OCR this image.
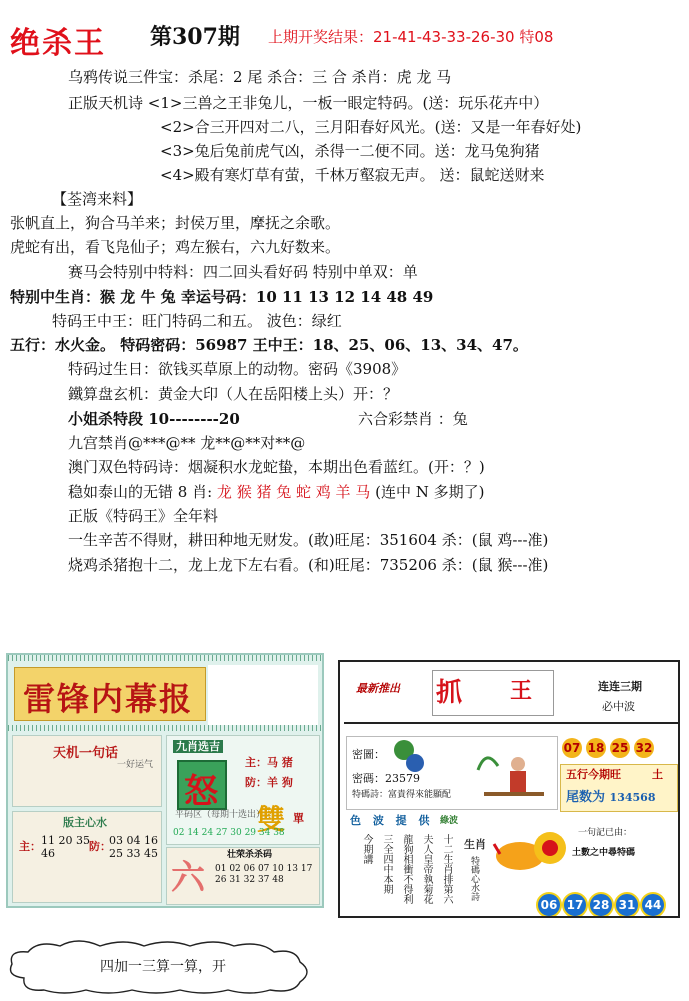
绝杀王 第307期 上期开奖结果：21-41-43-33-26-30 特08
乌鸦传说三件宝：杀尾：2 尾 杀合：三 合 杀肖：虎 龙 马
正版天机诗 <1>三兽之王非兔儿，一板一眼定特码。(送：玩乐花卉中）
<2>合三开四对二八，三月阳春好风光。(送：又是一年春好处)
<3>兔后兔前虎气凶，杀得一二便不同。送：龙马兔狗猪
<4>殿有寒灯草有萤，千林万壑寂无声。 送：鼠蛇送财来
【荃湾来料】
张帆直上，狗合马羊来；封侯万里，摩抚之余歌。
虎蛇有出，看飞凫仙子；鸡左猴右，六九好数来。
赛马会特别中特料：四二回头看好码 特别中单双：单
特别中生肖：猴 龙 牛 兔 幸运号码：10 11 13 12 14 48 49
特码王中王：旺门特码二和五。 波色：绿红
五行：水火金。 特码密码：56987 王中王：18、25、06、13、34、47。
特码过生日：欲钱买草原上的动物。密码《3908》
鐵算盘玄机：黄金大印（人在岳阳楼上头）开：？
小姐杀特段 10--------20	六合彩禁肖 ：兔
九宫禁肖@***@** 龙**@**对**@
澳门双色特码诗：烟凝积水龙蛇蛰，本期出色看蓝红。(开：？)
稳如泰山的无错 8 肖: 龙 猴 猪 兔 蛇 鸡 羊 马 (连中 N 多期了)
正版《特码王》全年料
一生辛苦不得财，耕田种地无财发。(敢)旺尾：351604 杀：(鼠 鸡---准)
烧鸡杀猪抱十二，龙上龙下左右看。(和)旺尾：735206 杀：(鼠 猴---准)
雷锋内幕报
天机一句话
一好运气
九肖选吉
怒
主：马 猪
防：羊 狗
雙 單
平码区（每期十选出）
02 14 24 27 30 29 34 38
版主心水
主： 11 20 35 46
防：
03 04 16 25 33 45
六
壮荣杀杀码
01 02 06 07 10 13 17 26 31 32 37 48
最新推出 抓 王	连连三期
必中波
07 18 25 32
密圖：
密碼：23579
特碼詩：富貴得來能顯配
五行今期旺	土
尾数为 134568
色 波 提 供 綠波
今期講 三全四中本期 龍狗相衝不得利 夫人皇帝執菊花 十二生肖排第六 生肖
特碼心水詩
一句記已由：
土數之中尋特碼
06 17 28 31 44
四加一三算一算，开
